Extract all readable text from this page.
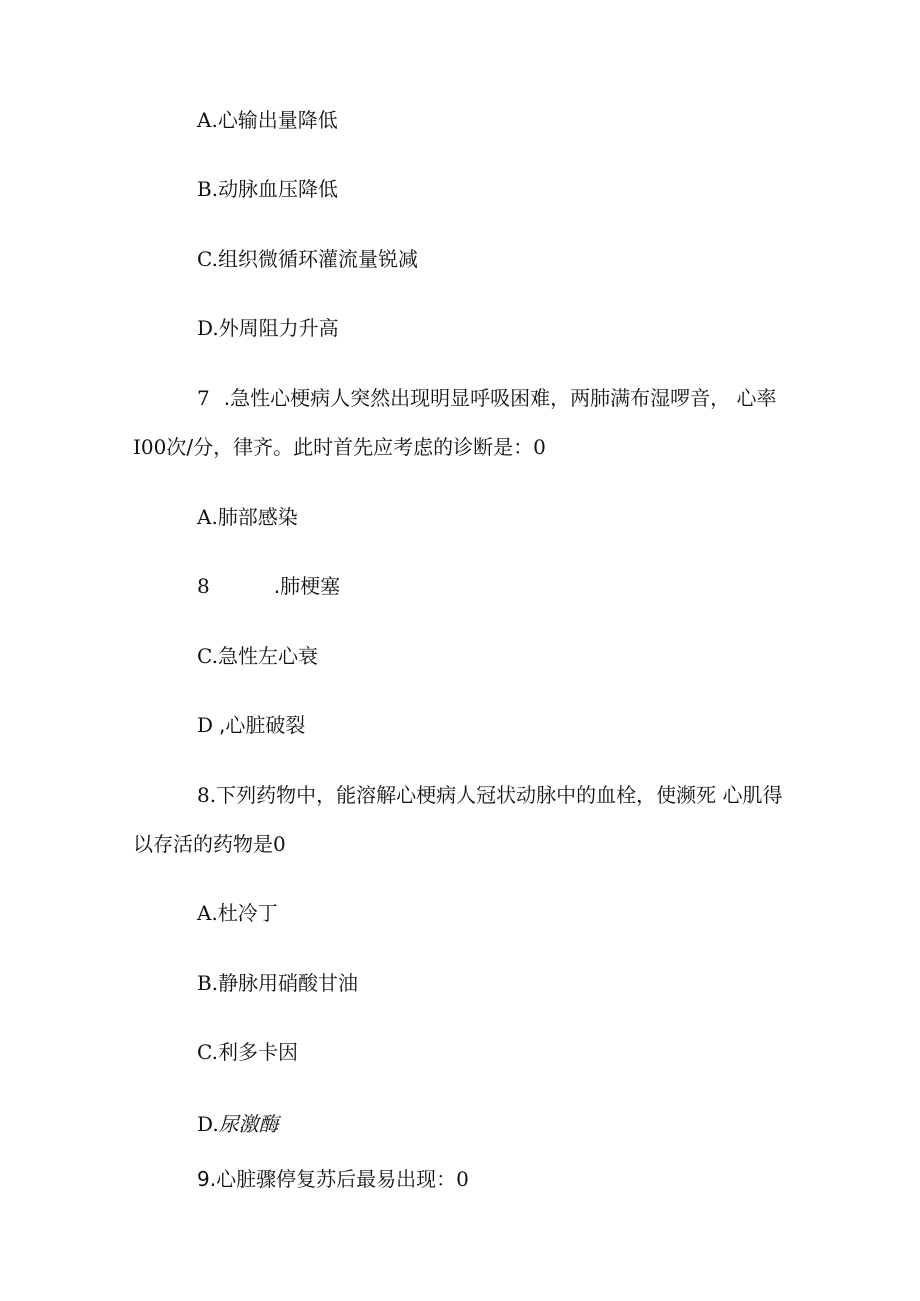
A.心输出量降低
B.动脉血压降低
C.组织微循环灌流量锐减
D.外周阻力升高
7 .急性心梗病人突然出现明显呼吸困难，两肺满布湿啰音， 心率
I00次/分，律齐。此时首先应考虑的诊断是：0
A.肺部感染
8	.肺梗塞
C.急性左心衰
D ,心脏破裂
8.下列药物中，能溶解心梗病人冠状动脉中的血栓，使濒死 心肌得
以存活的药物是0
A.杜冷丁
B.静脉用硝酸甘油
C.利多卡因
D.尿激酶
9.心脏骤停复苏后最易出现：0
